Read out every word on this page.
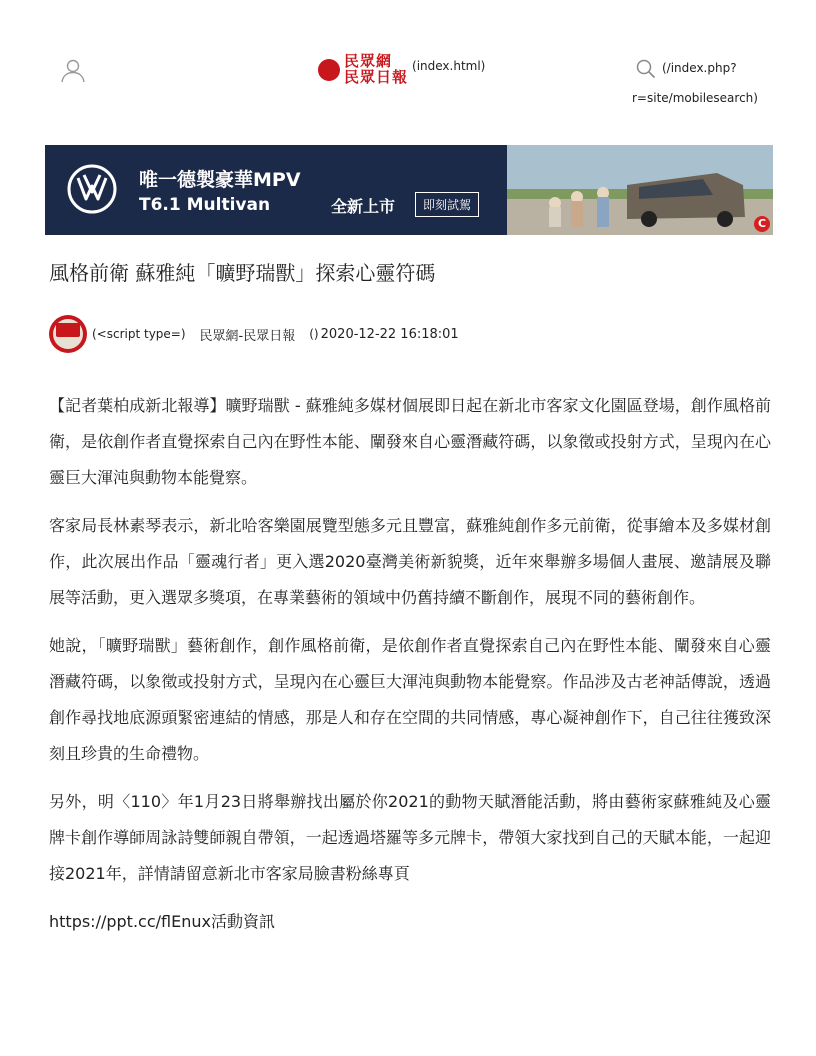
民眾網
民眾日報
(index.html)	(/index.php?
r=site/mobilesearch)
唯一德製豪華MPV
T6.1 Multivan	全新上市	即刻試駕
C
風格前衛 蘇雅純「曠野瑞獸」探索心靈符碼
(<script type=) 民眾網-民眾日報 () 2020-12-22 16:18:01

【記者葉柏成新北報導】曠野瑞獸 - 蘇雅純多媒材個展即日起在新北市客家文化園區登場，創作風格前衛，是依創作者直覺探索自己內在野性本能、闡發來自心靈潛藏符碼，以象徵或投射方式，呈現內在心靈巨大渾沌與動物本能覺察。

客家局長林素琴表示，新北哈客樂園展覽型態多元且豐富，蘇雅純創作多元前衛，從事繪本及多媒材創作，此次展出作品「靈魂行者」更入選2020臺灣美術新貌獎，近年來舉辦多場個人畫展、邀請展及聯展等活動，更入選眾多獎項，在專業藝術的領域中仍舊持續不斷創作，展現不同的藝術創作。

她說，「曠野瑞獸」藝術創作，創作風格前衛，是依創作者直覺探索自己內在野性本能、闡發來自心靈潛藏符碼，以象徵或投射方式，呈現內在心靈巨大渾沌與動物本能覺察。作品涉及古老神話傳說，透過創作尋找地底源頭緊密連結的情感，那是人和存在空間的共同情感，專心凝神創作下，自己往往獲致深刻且珍貴的生命禮物。

另外，明〈110〉年1月23日將舉辦找出屬於你2021的動物天賦潛能活動，將由藝術家蘇雅純及心靈牌卡創作導師周詠詩雙師親自帶領，一起透過塔羅等多元牌卡，帶領大家找到自己的天賦本能，一起迎接2021年，詳情請留意新北市客家局臉書粉絲專頁

https://ppt.cc/flEnux活動資訊
